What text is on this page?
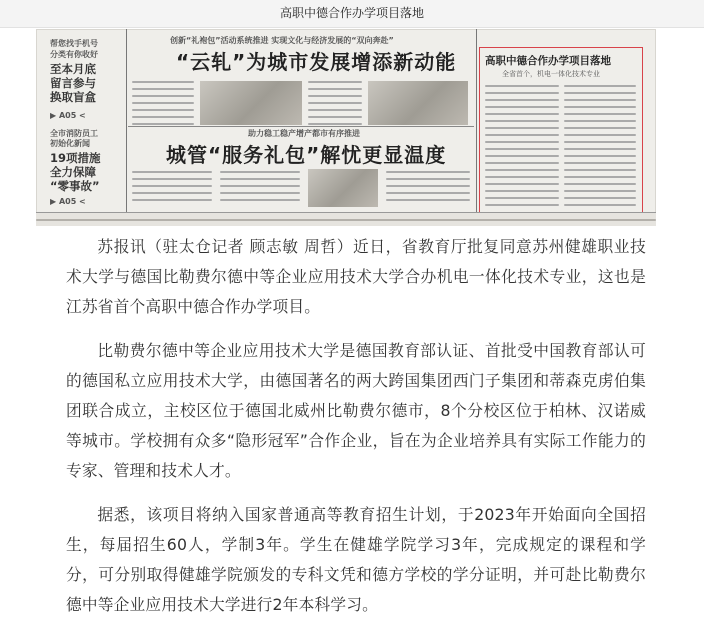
高职中德合作办学项目落地
帮您找手机号
分类有你收好
至本月底
留言参与
换取盲盒
▶ A05 <
全市消防员工
初始化新闻
19项措施
全力保障
“零事故”
▶ A05 <
创新“礼袍包”活动系统推进 实现文化与经济发展的“双向奔赴”
“云轧”为城市发展增添新动能
助力稳工稳产增产都市有序推进
城管“服务礼包”解忧更显温度
高职中德合作办学项目落地
全省首个，机电一体化技术专业

苏报讯（驻太仓记者 顾志敏 周哲）近日，省教育厅批复同意苏州健雄职业技术大学与德国比勒费尔德中等企业应用技术大学合办机电一体化技术专业，这也是江苏省首个高职中德合作办学项目。

比勒费尔德中等企业应用技术大学是德国教育部认证、首批受中国教育部认可的德国私立应用技术大学，由德国著名的两大跨国集团西门子集团和蒂森克虏伯集团联合成立，主校区位于德国北威州比勒费尔德市，8个分校区位于柏林、汉诺威等城市。学校拥有众多“隐形冠军”合作企业，旨在为企业培养具有实际工作能力的专家、管理和技术人才。

据悉，该项目将纳入国家普通高等教育招生计划，于2023年开始面向全国招生，每届招生60人，学制3年。学生在健雄学院学习3年，完成规定的课程和学分，可分别取得健雄学院颁发的专科文凭和德方学校的学分证明，并可赴比勒费尔德中等企业应用技术大学进行2年本科学习。
